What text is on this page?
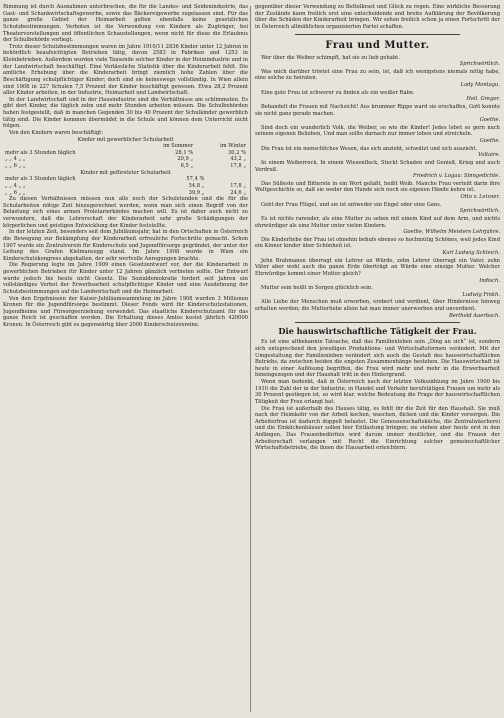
Rimmung ist durch Ausnahmen unterbrochen, die für die Landes- und Seidenindustrie, das Gast- und Schankwirtschaftsgewerbe, sowie das Bäckereigewerbe zugelassen sind. Für das ganze große Gebiet der Heimarbeit gelten ebenfalls keine gesetzlichen Schutzbestimmungen. Verboten ist die Verwendung von Kindern als Zugträger, bei Theatervorstellungen und öffentlichen Schaustellungen, wenn nicht für diese die Erlaubnis der Schulbehörde vorliegt.

Trotz dieser Schutzbestimmungen waren im Jahre 1910/11 2836 Kinder unter 12 Jahren in behördlich beaufsichtigten Betrieben tätig, davon 2583 in Fabriken und 1253 in Kleinbetrieben. Außerdem wurden viele Tausende solcher Kinder in der Heimindustrie und in der Landwirtschaft beschäftigt. Eine Verlässliche Statistik über die Kinderarbeit fehlt. Die amtliche Erhebung über die Kinderarbeit bringt ziemlich hohe Zahlen über die Beschäftigung schulpflichtiger Kinder; doch sind sie keineswegs vollständig. In Wien allein sind 1908 in 227 Schulen 7,5 Prozent der Kinder beschäftigt gewesen. Etwa 28,2 Prozent aller Kinder arbeiten, in der Industrie, Heimarbeit und Landwirtschaft.

In der Landwirtschaft und in der Hausindustrie sind die Verhältnisse am schlimmsten. Es gibt dort Kinder, die täglich zehn und mehr Stunden arbeiten müssen. Die Schulbehörden haben festgestellt, daß in manchen Gegenden 30 bis 40 Prozent der Schulkinder gewerblich tätig sind. Die Kinder kommen übermüdet in die Schule und können dem Unterricht nicht folgen.

Von den Kindern waren beschäftigt:

Kinder mit gewerblicher Schularbeit
	im Sommer	im Winter
mehr als 3 Stunden täglich	28,1 %	30,2 %
„ „ 4 „ „	20,9 „	43,2 „
„ „ 6 „ „	6,5 „	17,8 „
Kinder mit gefürsteter Schularbeit
mehr als 3 Stunden täglich	57,4 %	
„ „ 4 „ „	54,8 „	17,8 „
„ „ 6 „ „	39,9 „	24,6 „

Zu diesen Verhältnissen müssen nun alle noch der Schulstunden und die für die Schularbeiten nötige Zeit hinzugerechnet werden, wenn man sich einen Begriff von der Belastung sich eines armen Proletarierkindes machen will. Es ist daher auch nicht zu verwundern, daß die Lehrerschaft der Kinderarbeit sehr große Schädigungen der körperlichen und geistigen Entwicklung der Kinder feststellte.

In der letzten Zeit, besonders seit dem Jubiläumsjahr, hat in den Ortschaften in Österreich die Bewegung zur Bekämpfung der Kinderarbeit erfreuliche Fortschritte gemacht. Schon 1907 wurde ein Zentralverein für Kinderschutz und Jugendfürsorge gegründet, der unter der Leitung des Grafen Kielmansegg stand. Im Jahre 1908 wurde in Wien ein Kinderschutzkongress abgehalten, der sehr wertvolle Anregungen brachte.

Die Regierung legte im Jahre 1909 einen Gesetzentwurf vor, der die Kinderarbeit in gewerblichen Betrieben für Kinder unter 12 Jahren gänzlich verbieten sollte. Der Entwurf wurde jedoch bis heute nicht Gesetz. Die Sozialdemokratie fordert seit Jahren ein vollständiges Verbot der Erwerbsarbeit schulpflichtiger Kinder und eine Ausdehnung der Schutzbestimmungen auf die Landwirtschaft und die Heimarbeit.

Von den Ergebnissen der Kaiser-Jubiläumssammlung im Jahre 1908 wurden 3 Millionen Kronen für die Jugendfürsorge bestimmt. Dieser Fonds wird für Kinderschutzstationen, Jugendheime und Fürsorgeerziehung verwendet. Das staatliche Kinderschutzamt für das ganze Reich ist geschaffen worden. Die Erhaltung dieses Amtes kostet jährlich 420000 Kronen. In Österreich gibt es gegenwärtig über 2000 Kinderschutzvereine.

gegenüber dieser Verwendung zu Bettelkrast und Glück zu regen. Eine wirkliche Besserung der Zustände kann freilich erst eine entscheidende und breite Aufklärung der Bevölkerung über die Schäden der Kinderarbeit bringen. Wir sehen freilich schon ja einen Fortschritt der in Österreich allmählichen organisierten Partei schaffen.

Frau und Mutter.

Wer über die Weiber schimpft, hat sie zu lieb gehabt.

Sprichwörtlich.

Was mich darüber tröstet eine Frau zu sein, ist, daß ich wenigstens niemals nötig habe, eine solche zu heiraten.

Lady Montagu.

Eine gute Frau ist schwerer zu finden als ein weißer Rabe.

Heil. Gregor.

Behandelt die Frauen mit Nachsicht! Aus krummer Rippe ward sie erschaffen, Gott konnte sie nicht ganz gerade machen.

Goethe.

Sind doch ein wunderlich Volk, die Weiber, so wie die Kinder! Jedes lebet so gern nach seinem eigenen Belieben, Und man sollte darnach nur immer loben und streicheln.

Goethe.

Die Frau ist ein menschliches Wesen, das sich anzieht, schwätzt und sich auszieht.

Voltaire.

In einem Weiberrock, In einem Wiesenflock, Steckt Schaden und Genieß, Krieg und auch Verdruß.

Friedrich v. Logau: Sinngedichte.

Das Süßeste und Bitterste in ein Wort gefaßt, heißt Weib. Manche Frau verteilt darin ihre Weltgeschichte so, daß sie weder den Hunde sich noch sie eigenen Hände kehre ist.

Otto v. Leixner.

Gebt der Frau Flügel, und sie ist entweder ein Engel oder eine Gans.

Sprichwörtlich.

Es ist nichts rarender, als eine Mutter zu sehen mit einem Kind auf dem Arm, und nichts ehrwürdiger als eine Mutter unter vielen Kindern.

Goethe, Wilhelm Meisters Lehrjahre.

Die Kinderliebe der Frau ist ohnehin behufs ebenso so hochmütig Schönes, weil jedes Kind ein Kinner kinder über Schönheit ist.

Karl Ludwig Schleich.

Jehn Brahmanen überragt ein Lehrer an Würde, zehn Lehrer überragt ein Vater, zehn Väter aber wohl auch die ganze Erde überträgt an Würde eine einzige Mutter. Welcher Ehrwürdige kommt einer Mutter gleich?

Indisch.

Mutter sein heißt in Sorgen glücklich sein.

Ludwig Finkh.

Alle Liebe der Menschen muß erworben, erobert und verdient, über Hindernisse hinweg erhalten werden; die Mutterliebe allein hat man immer unerworben und unverdient.

Berthold Auerbach.

Die hauswirtschaftliche Tätigkeit der Frau.

Es ist eine altbekannte Tatsache, daß das Familienleben sein „Ding an sich“ ist, sondern sich entsprechend den jeweiligen Produktions- und Wirtschaftsformen verändert. Mit der Umgestaltung der Familienleben verändert sich auch die Gestalt des hauswirtschaftlichen Betriebs, da zwischen beiden die engsten Zusammenhänge bestehen. Die Hauswirtschaft ist heute in einer Auflösung begriffen, die Frau wird mehr und mehr in die Erwerbsarbeit hineingezogen und der Haushalt tritt in den Hintergrund.

Wenn man bedenkt, daß in Österreich nach der letzten Volkszählung im Jahre 1900 bis 1910 die Zahl der in der Industrie, in Handel und Verkehr berufstätigen Frauen um mehr als 30 Prozent gestiegen ist, so wird klar, welche Bedeutung die Frage der hauswirtschaftlichen Tätigkeit der Frau erlangt hat.

Die Frau ist außerhalb des Hauses tätig, es fehlt ihr die Zeit für den Haushalt. Sie muß nach der Heimkehr von der Arbeit kochen, waschen, flicken und die Kinder versorgen. Die Arbeiterfrau ist dadurch doppelt belastet. Die Genossenschaftsküche, die Zentralwäscherei und die Einküchenhäuser sollen hier Entlastung bringen; sie stehen aber heute erst in den Anfängen. Das Frauenbedürfnis wird darum immer deutlicher, und die Frauen der Arbeiterschaft verlangen mit Recht die Einrichtung solcher gemeinschaftlicher Wirtschaftsbetriebe, die ihnen die Hausarbeit erleichtern.
